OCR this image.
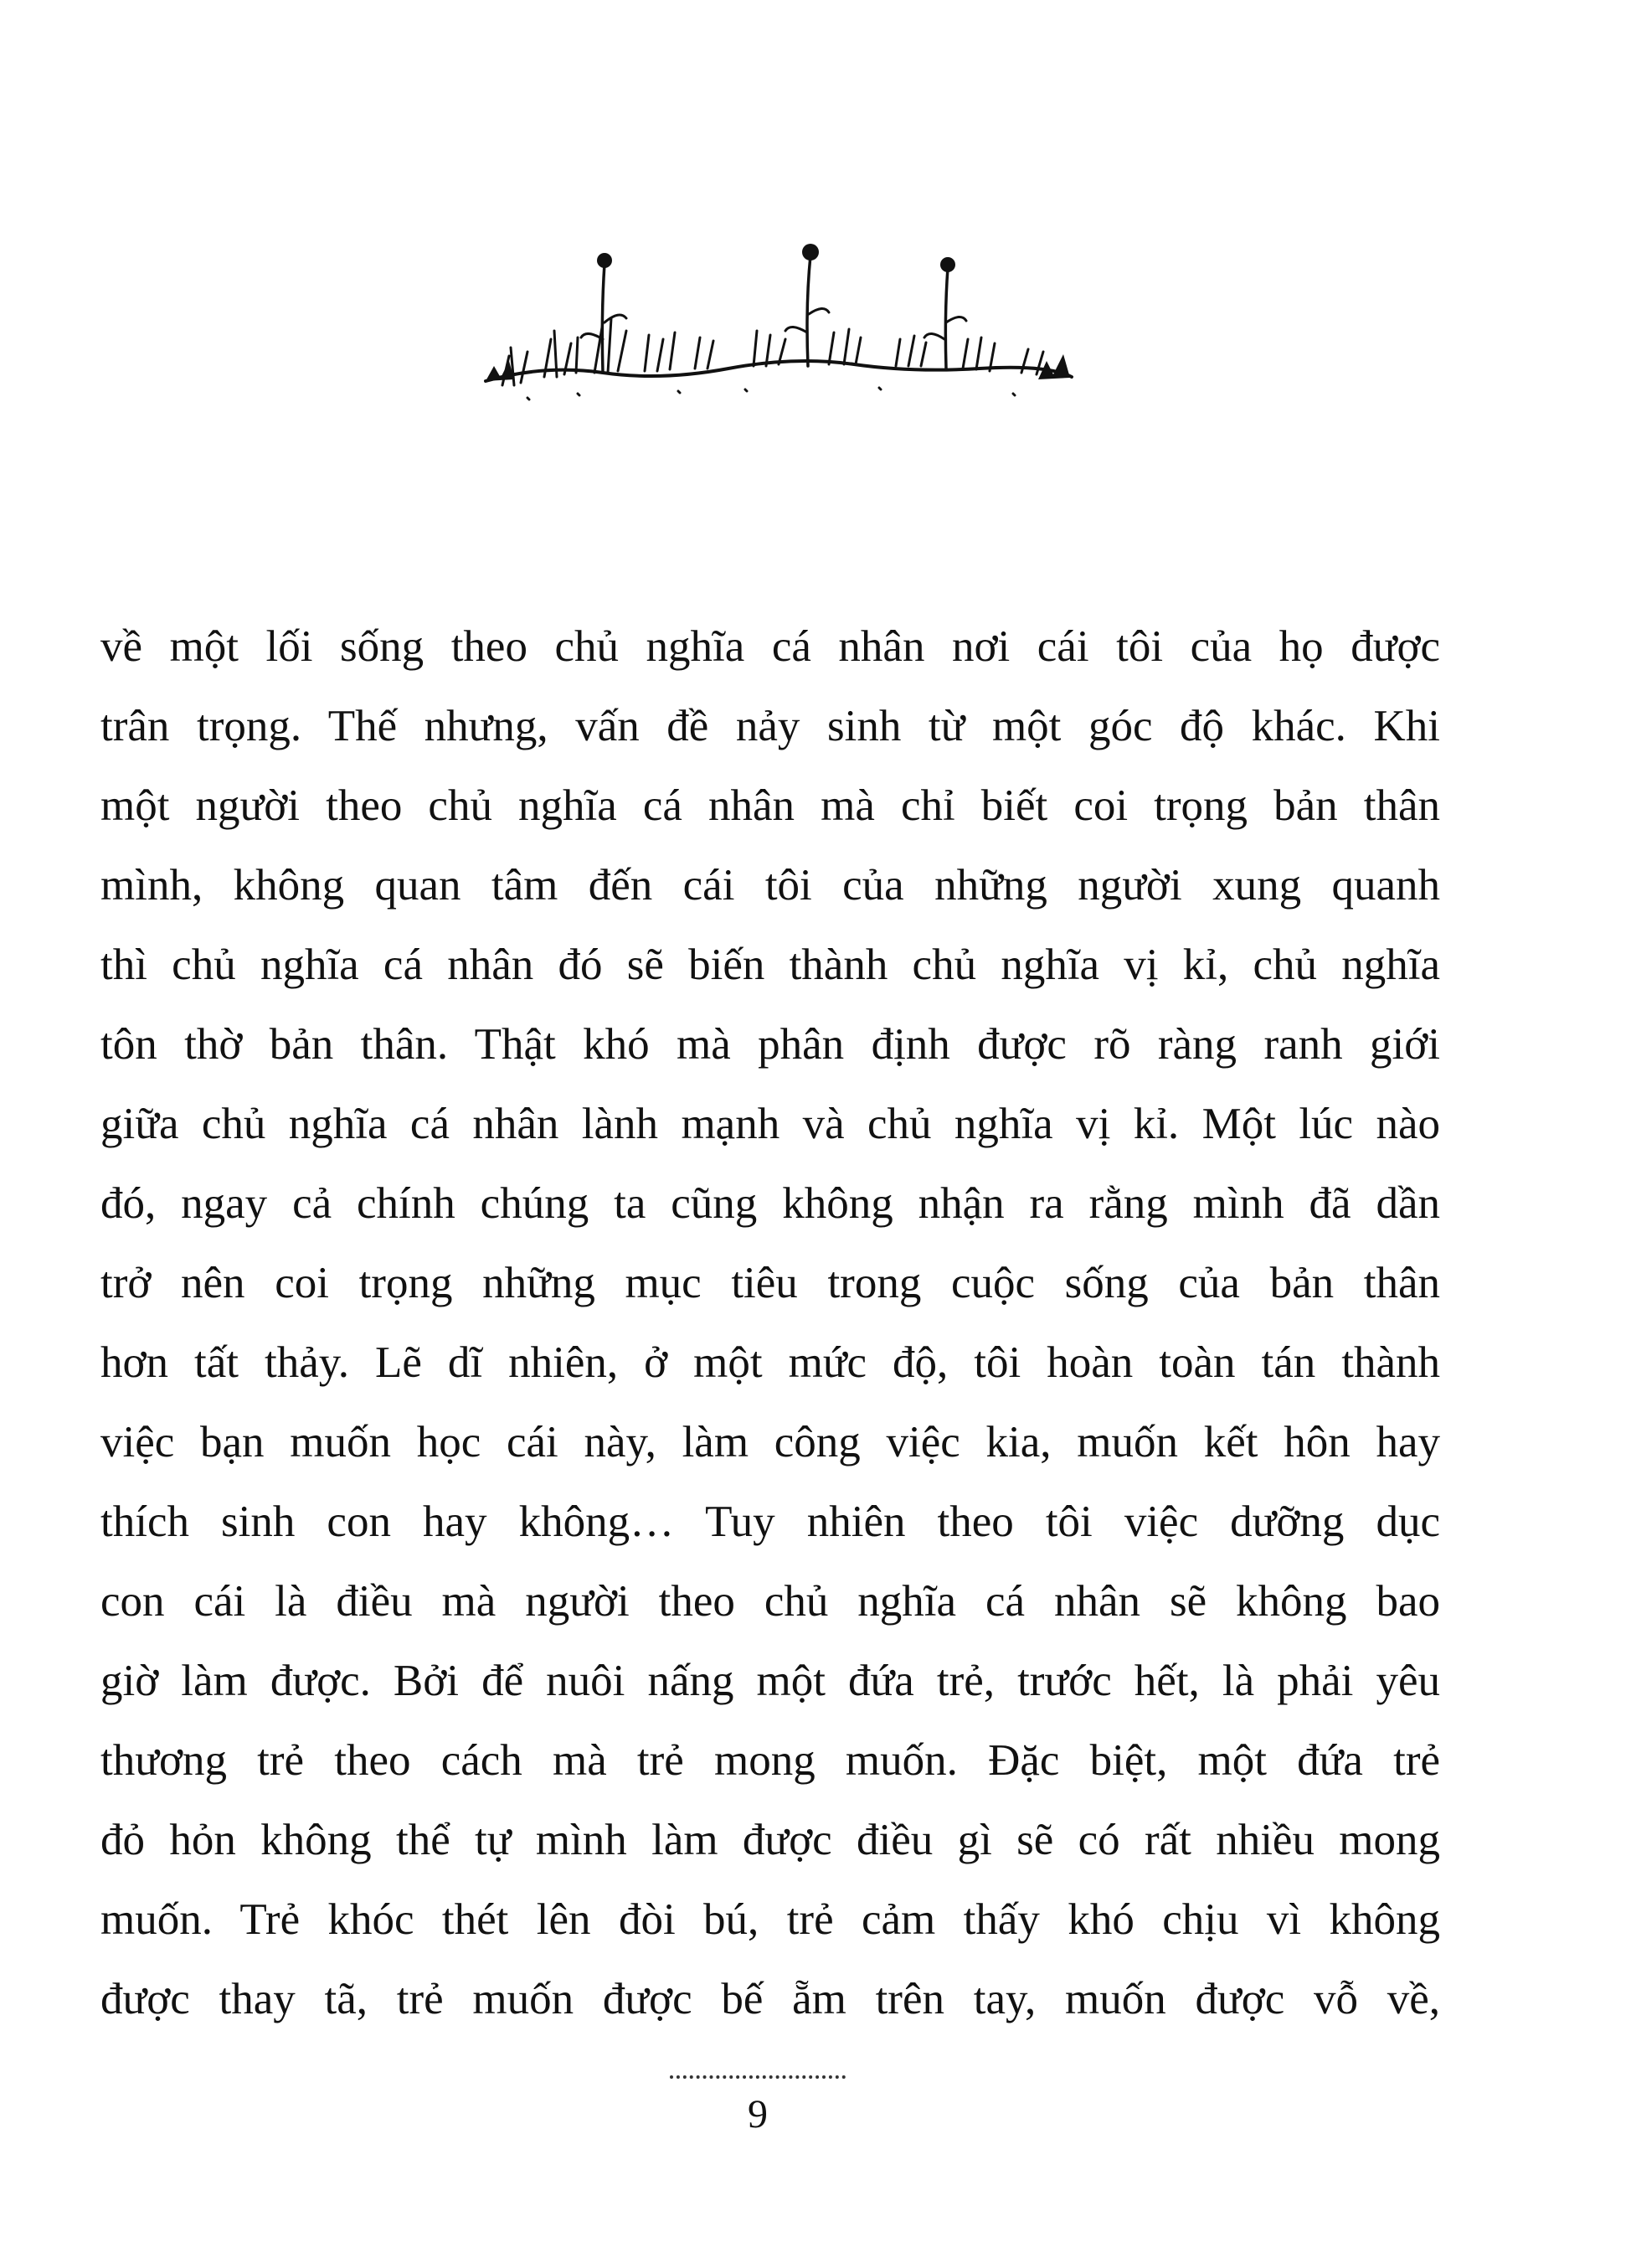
về một lối sống theo chủ nghĩa cá nhân nơi cái tôi của họ được
trân trọng. Thế nhưng, vấn đề nảy sinh từ một góc độ khác. Khi
một người theo chủ nghĩa cá nhân mà chỉ biết coi trọng bản thân
mình, không quan tâm đến cái tôi của những người xung quanh
thì chủ nghĩa cá nhân đó sẽ biến thành chủ nghĩa vị kỉ, chủ nghĩa
tôn thờ bản thân. Thật khó mà phân định được rõ ràng ranh giới
giữa chủ nghĩa cá nhân lành mạnh và chủ nghĩa vị kỉ. Một lúc nào
đó, ngay cả chính chúng ta cũng không nhận ra rằng mình đã dần
trở nên coi trọng những mục tiêu trong cuộc sống của bản thân
hơn tất thảy. Lẽ dĩ nhiên, ở một mức độ, tôi hoàn toàn tán thành
việc bạn muốn học cái này, làm công việc kia, muốn kết hôn hay
thích sinh con hay không… Tuy nhiên theo tôi việc dưỡng dục
con cái là điều mà người theo chủ nghĩa cá nhân sẽ không bao
giờ làm được. Bởi để nuôi nấng một đứa trẻ, trước hết, là phải yêu
thương trẻ theo cách mà trẻ mong muốn. Đặc biệt, một đứa trẻ
đỏ hỏn không thể tự mình làm được điều gì sẽ có rất nhiều mong
muốn. Trẻ khóc thét lên đòi bú, trẻ cảm thấy khó chịu vì không
được thay tã, trẻ muốn được bế ẵm trên tay, muốn được vỗ về,
9
